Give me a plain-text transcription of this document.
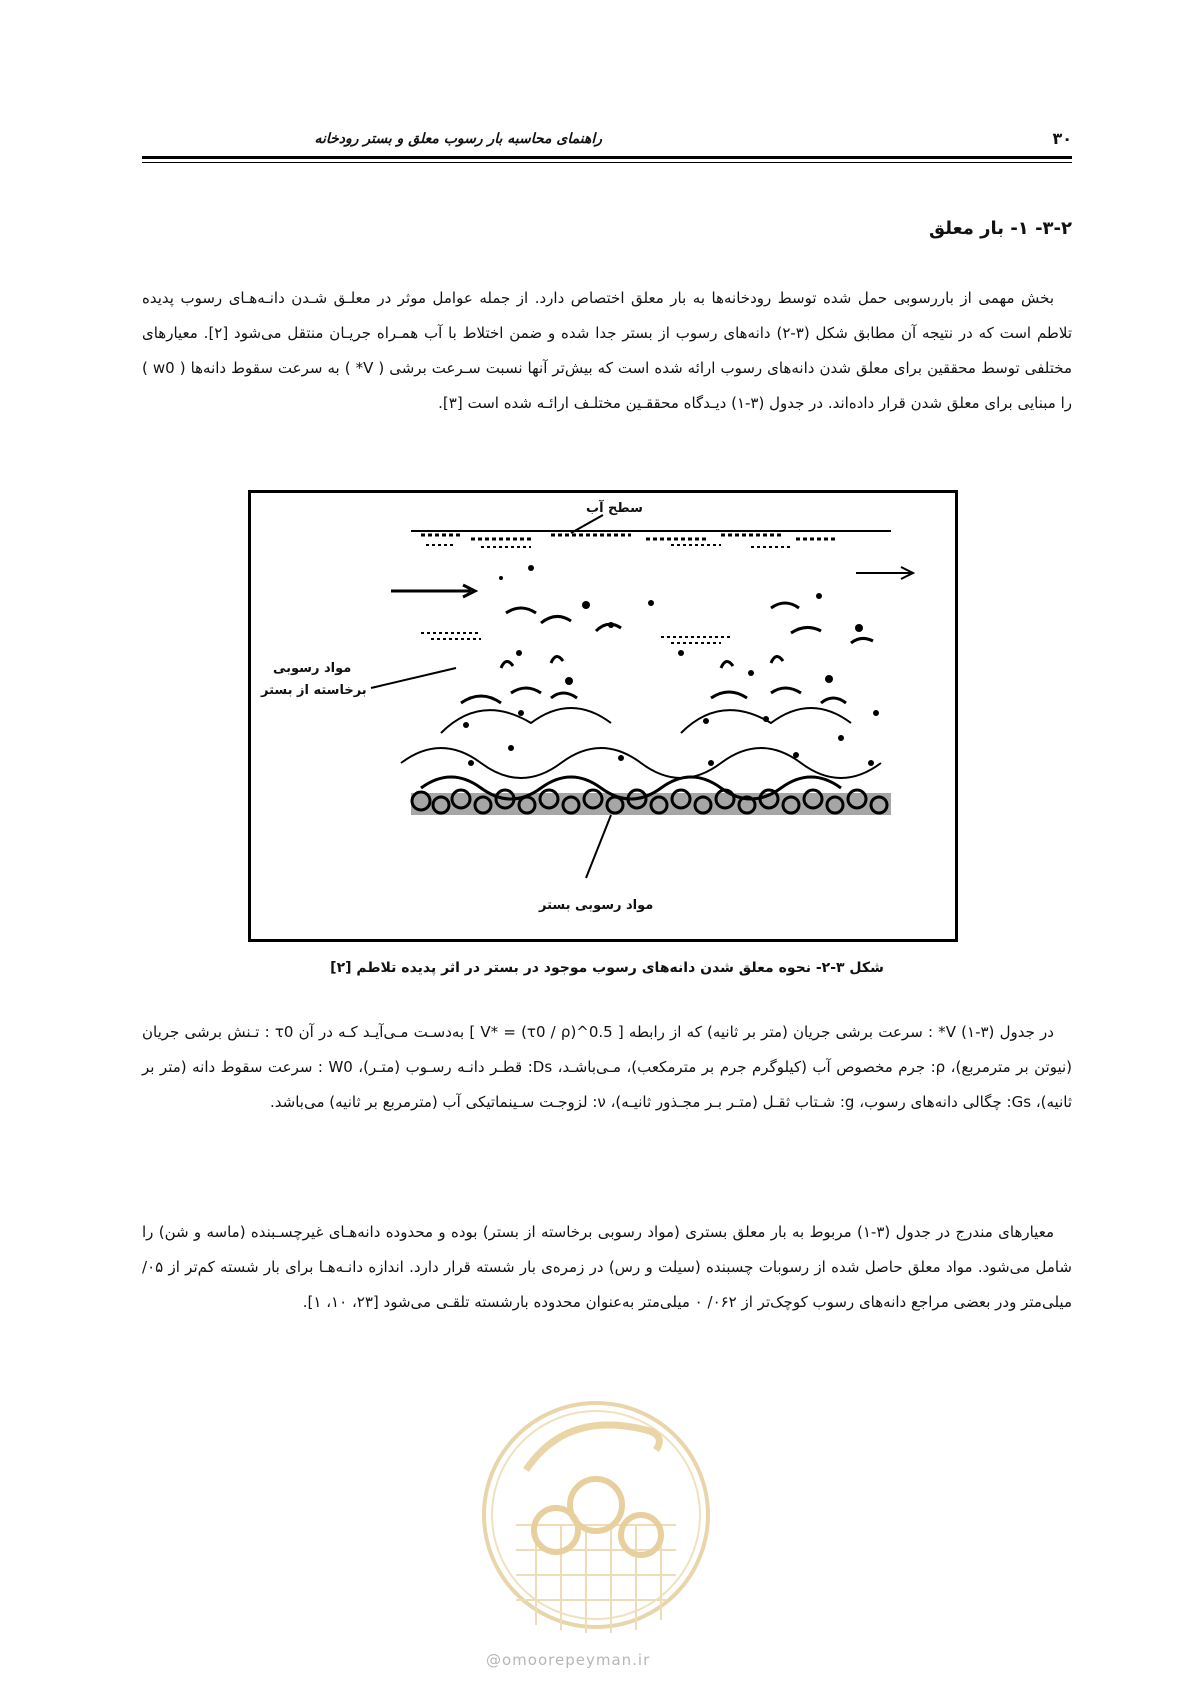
۳۰
راهنمای محاسبه بار رسوب معلق و بستر رودخانه
۳-۲- ۱- بار معلق

بخش مهمی از باررسوبی حمل شده توسط رودخانه‌ها به بار معلق اختصاص دارد. از جمله عوامل موثر در معلـق شـدن دانـه‌هـای رسوب پدیده تلاطم است که در نتیجه آن مطابق شکل (۳-۲) دانه‌های رسوب از بستر جدا شده و ضمن اختلاط با آب همـراه جریـان منتقل می‌شود [۲]. معیارهای مختلفی توسط محققین برای معلق شدن دانه‌های رسوب ارائه شده است که بیش‌تر آنها نسبت سـرعت برشی ( V* ) به سرعت سقوط دانه‌ها ( w0 ) را مبنایی برای معلق شدن قرار داده‌اند. در جدول (۳-۱) دیـدگاه محققـین مختلـف ارائـه شده است [۳].

سطح آب
مواد رسوبی
برخاسته از بستر
مواد رسوبی بستر
شکل ۳-۲- نحوه معلق شدن دانه‌های رسوب موجود در بستر در اثر پدیده تلاطم [۲]

در جدول (۳-۱) V* : سرعت برشی جریان (متر بر ثانیه) که از رابطه [ V* = (τ0 / ρ)^0.5 ] به‌دسـت مـی‌آیـد کـه در آن τ0 : تـنش برشی جریان (نیوتن بر مترمربع)، ρ: جرم مخصوص آب (کیلوگرم جرم بر مترمکعب)، مـی‌باشـد، Ds: قطـر دانـه رسـوب (متـر)، W0 : سرعت سقوط دانه (متر بر ثانیه)، Gs: چگالی دانه‌های رسوب، g: شـتاب ثقـل (متـر بـر مجـذور ثانیـه)، ν: لزوجـت سـینماتیکی آب (مترمربع بر ثانیه) می‌باشد.

معیارهای مندرج در جدول (۳-۱) مربوط به بار معلق بستری (مواد رسوبی برخاسته از بستر) بوده و محدوده دانه‌هـای غیرچسـبنده (ماسه و شن) را شامل می‌شود. مواد معلق حاصل شده از رسوبات چسبنده (سیلت و رس) در زمره‌ی بار شسته قرار دارد. اندازه دانـه‌هـا برای بار شسته کم‌تر از ۰۵/ میلی‌متر ودر بعضی مراجع دانه‌های رسوب کوچک‌تر از ۰۶۲/ ۰ میلی‌متر به‌عنوان محدوده بارشسته تلقـی می‌شود [۲۳، ۱۰، ۱].

@omoorepeyman.ir
